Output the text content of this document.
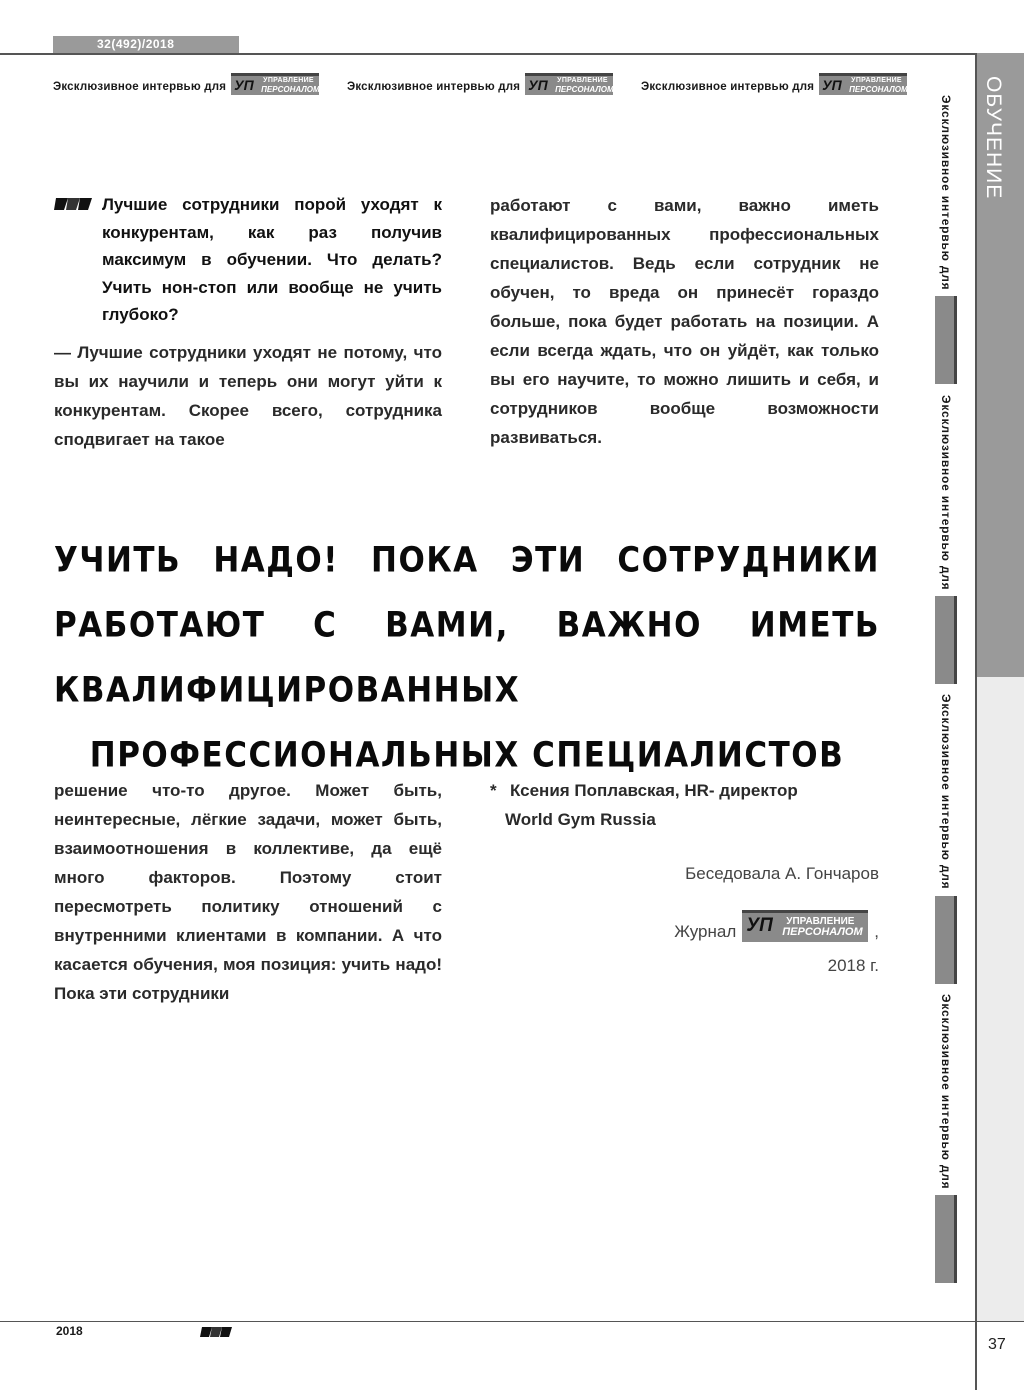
32(492)/2018
ОБУЧЕНИЕ
Эксклюзивное интервью для УП УПРАВЛЕНИЕ
ПЕРСОНАЛОМ Эксклюзивное интервью для УП УПРАВЛЕНИЕ
ПЕРСОНАЛОМ Эксклюзивное интервью для УП УПРАВЛЕНИЕ
ПЕРСОНАЛОМ
Эксклюзивное интервью для

Эксклюзивное интервью для

Эксклюзивное интервью для

Эксклюзивное интервью для
Лучшие сотрудники порой уходят к конкурентам, как раз получив максимум в обучении. Что делать? Учить нон-стоп или вообще не учить глубоко?

— Лучшие сотрудники уходят не потому, что вы их научили и теперь они могут уйти к конкурентам. Скорее всего, сотрудника сподвигает на такое

работают с вами, важно иметь квалифицированных профессиональных специалистов. Ведь если сотрудник не обучен, то вреда он принесёт гораздо больше, пока будет работать на позиции. А если всегда ждать, что он уйдёт, как только вы его научите, то можно лишить и себя, и сотрудников вообще возможности развиваться.

УЧИТЬ НАДО! ПОКА ЭТИ СОТРУДНИКИ РАБОТАЮТ С ВАМИ, ВАЖНО ИМЕТЬ КВАЛИФИЦИРОВАННЫХ ПРОФЕССИОНАЛЬНЫХ СПЕЦИАЛИСТОВ

решение что-то другое. Может быть, неинтересные, лёгкие задачи, может быть, взаимоотношения в коллективе, да ещё много факторов. Поэтому стоит пересмотреть политику отношений с внутренними клиентами в компании. А что касается обучения, моя позиция: учить надо! Пока эти сотрудники

* Ксения Поплавская, HR- директор
World Gym Russia
Беседовала А. Гончаров
Журнал УП УПРАВЛЕНИЕ
ПЕРСОНАЛОМ ,
2018 г.
2018
37
